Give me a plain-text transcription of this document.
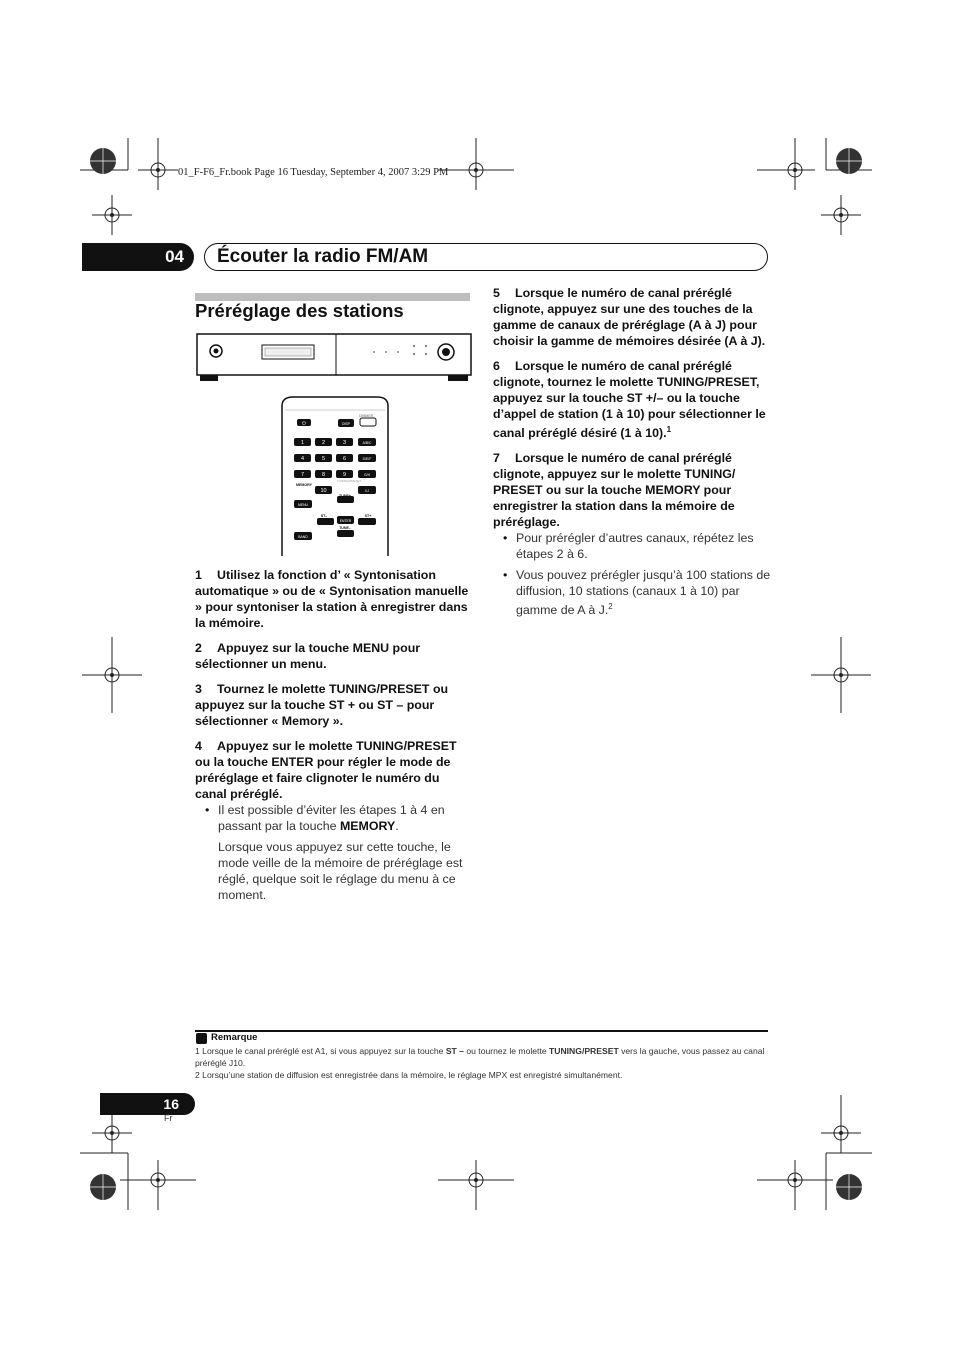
01_F-F6_Fr.book Page 16 Tuesday, September 4, 2007 3:29 PM
04	Écouter la radio FM/AM
Préréglage des stations
DIMMER
⏻	DISP
1	2	3	A/B/C
4	5	6	D/E/F
7	8	9	G/H
MEMORY
10	I/J
MENU
ST–
ENTER
ST+
TUNE–
BAND
TUNING/PRESET
1 Utilisez la fonction d’ « Syntonisation automatique » ou de « Syntonisation manuelle » pour syntoniser la station à enregistrer dans la mémoire.
2 Appuyez sur la touche MENU pour sélectionner un menu.
3 Tournez le molette TUNING/PRESET ou appuyez sur la touche ST + ou ST – pour sélectionner « Memory ».
4 Appuyez sur le molette TUNING/PRESET ou la touche ENTER pour régler le mode de préréglage et faire clignoter le numéro du canal préréglé.
• Il est possible d’éviter les étapes 1 à 4 en passant par la touche MEMORY.
Lorsque vous appuyez sur cette touche, le mode veille de la mémoire de préréglage est réglé, quelque soit le réglage du menu à ce moment.
5 Lorsque le numéro de canal préréglé clignote, appuyez sur une des touches de la gamme de canaux de préréglage (A à J) pour choisir la gamme de mémoires désirée (A à J).
6 Lorsque le numéro de canal préréglé clignote, tournez le molette TUNING/PRESET, appuyez sur la touche ST +/– ou la touche d’appel de station (1 à 10) pour sélectionner le canal préréglé désiré (1 à 10).$^1$
7 Lorsque le numéro de canal préréglé clignote, appuyez sur le molette TUNING/ PRESET ou sur la touche MEMORY pour enregistrer la station dans la mémoire de préréglage.
• Pour prérégler d’autres canaux, répétez les étapes 2 à 6.
• Vous pouvez prérégler jusqu’à 100 stations de diffusion, 10 stations (canaux 1 à 10) par gamme de A à J.$^2$
Remarque
1 Lorsque le canal préréglé est A1, si vous appuyez sur la touche ST – ou tournez le molette TUNING/PRESET vers la gauche, vous passez au canal préréglé J10.
2 Lorsqu’une station de diffusion est enregistrée dans la mémoire, le réglage MPX est enregistré simultanément.
16
Fr
